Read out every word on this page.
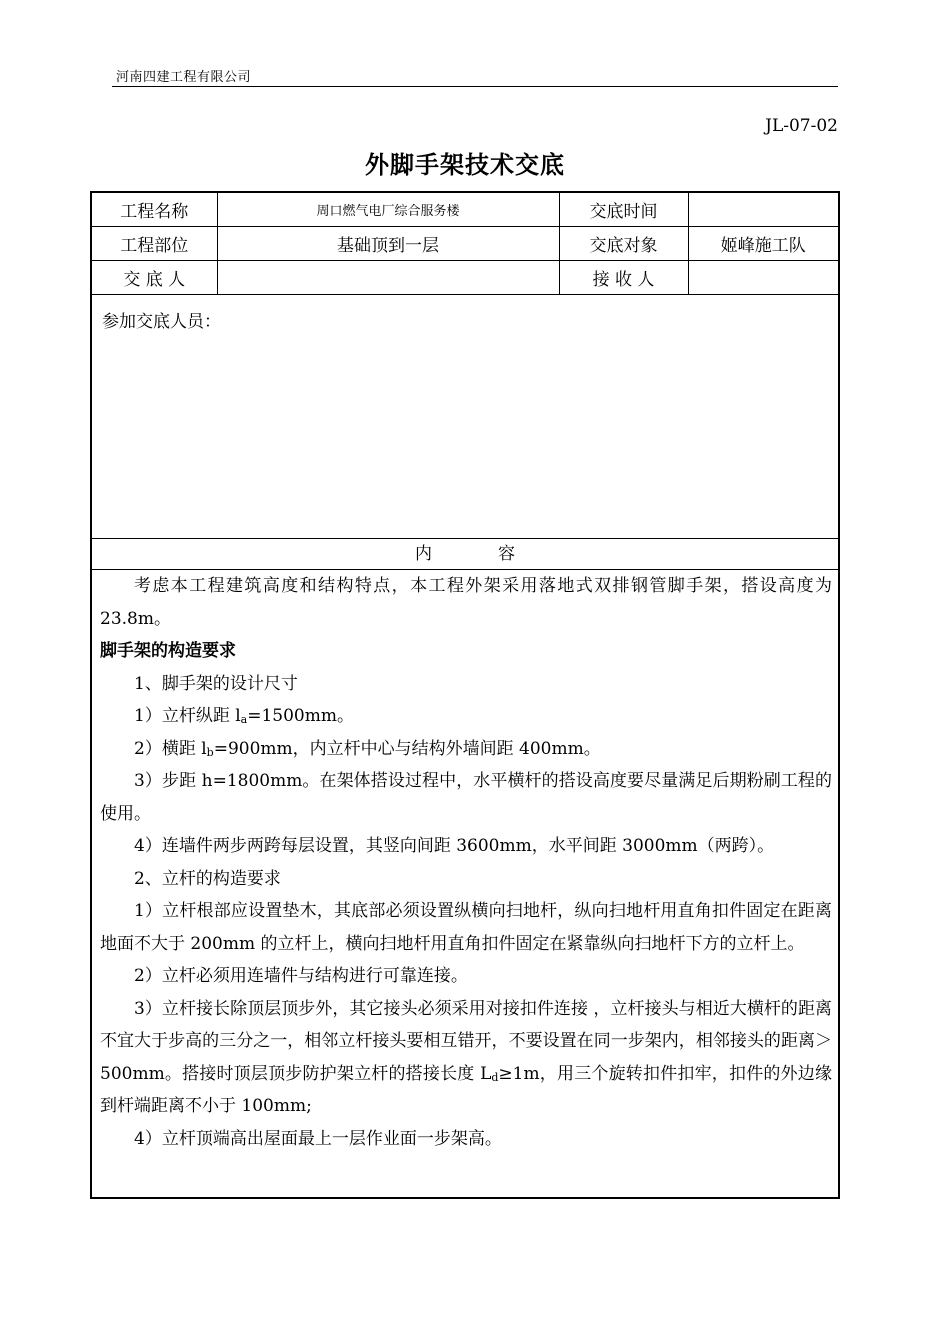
河南四建工程有限公司
JL-07-02
外脚手架技术交底
工程名称	周口燃气电厂综合服务楼	交底时间	
工程部位	基础顶到一层	交底对象	姬峰施工队
交 底 人		接 收 人	
参加交底人员：
内	容

考虑本工程建筑高度和结构特点，本工程外架采用落地式双排钢管脚手架，搭设高度为23.8m。

脚手架的构造要求

1、脚手架的设计尺寸

1）立杆纵距 $l_a=1500mm$。

2）横距 $l_b=900mm$，内立杆中心与结构外墙间距 400mm。

3）步距 h=1800mm。在架体搭设过程中，水平横杆的搭设高度要尽量满足后期粉刷工程的使用。

4）连墙件两步两跨每层设置，其竖向间距 3600mm，水平间距 3000mm（两跨）。

2、立杆的构造要求

1）立杆根部应设置垫木，其底部必须设置纵横向扫地杆，纵向扫地杆用直角扣件固定在距离地面不大于 200mm 的立杆上，横向扫地杆用直角扣件固定在紧靠纵向扫地杆下方的立杆上。

2）立杆必须用连墙件与结构进行可靠连接。

3）立杆接长除顶层顶步外，其它接头必须采用对接扣件连接 ，立杆接头与相近大横杆的距离不宜大于步高的三分之一，相邻立杆接头要相互错开，不要设置在同一步架内，相邻接头的距离＞500mm。搭接时顶层顶步防护架立杆的搭接长度 $L_d\ge 1m$，用三个旋转扣件扣牢，扣件的外边缘到杆端距离不小于 100mm;

4）立杆顶端高出屋面最上一层作业面一步架高。
